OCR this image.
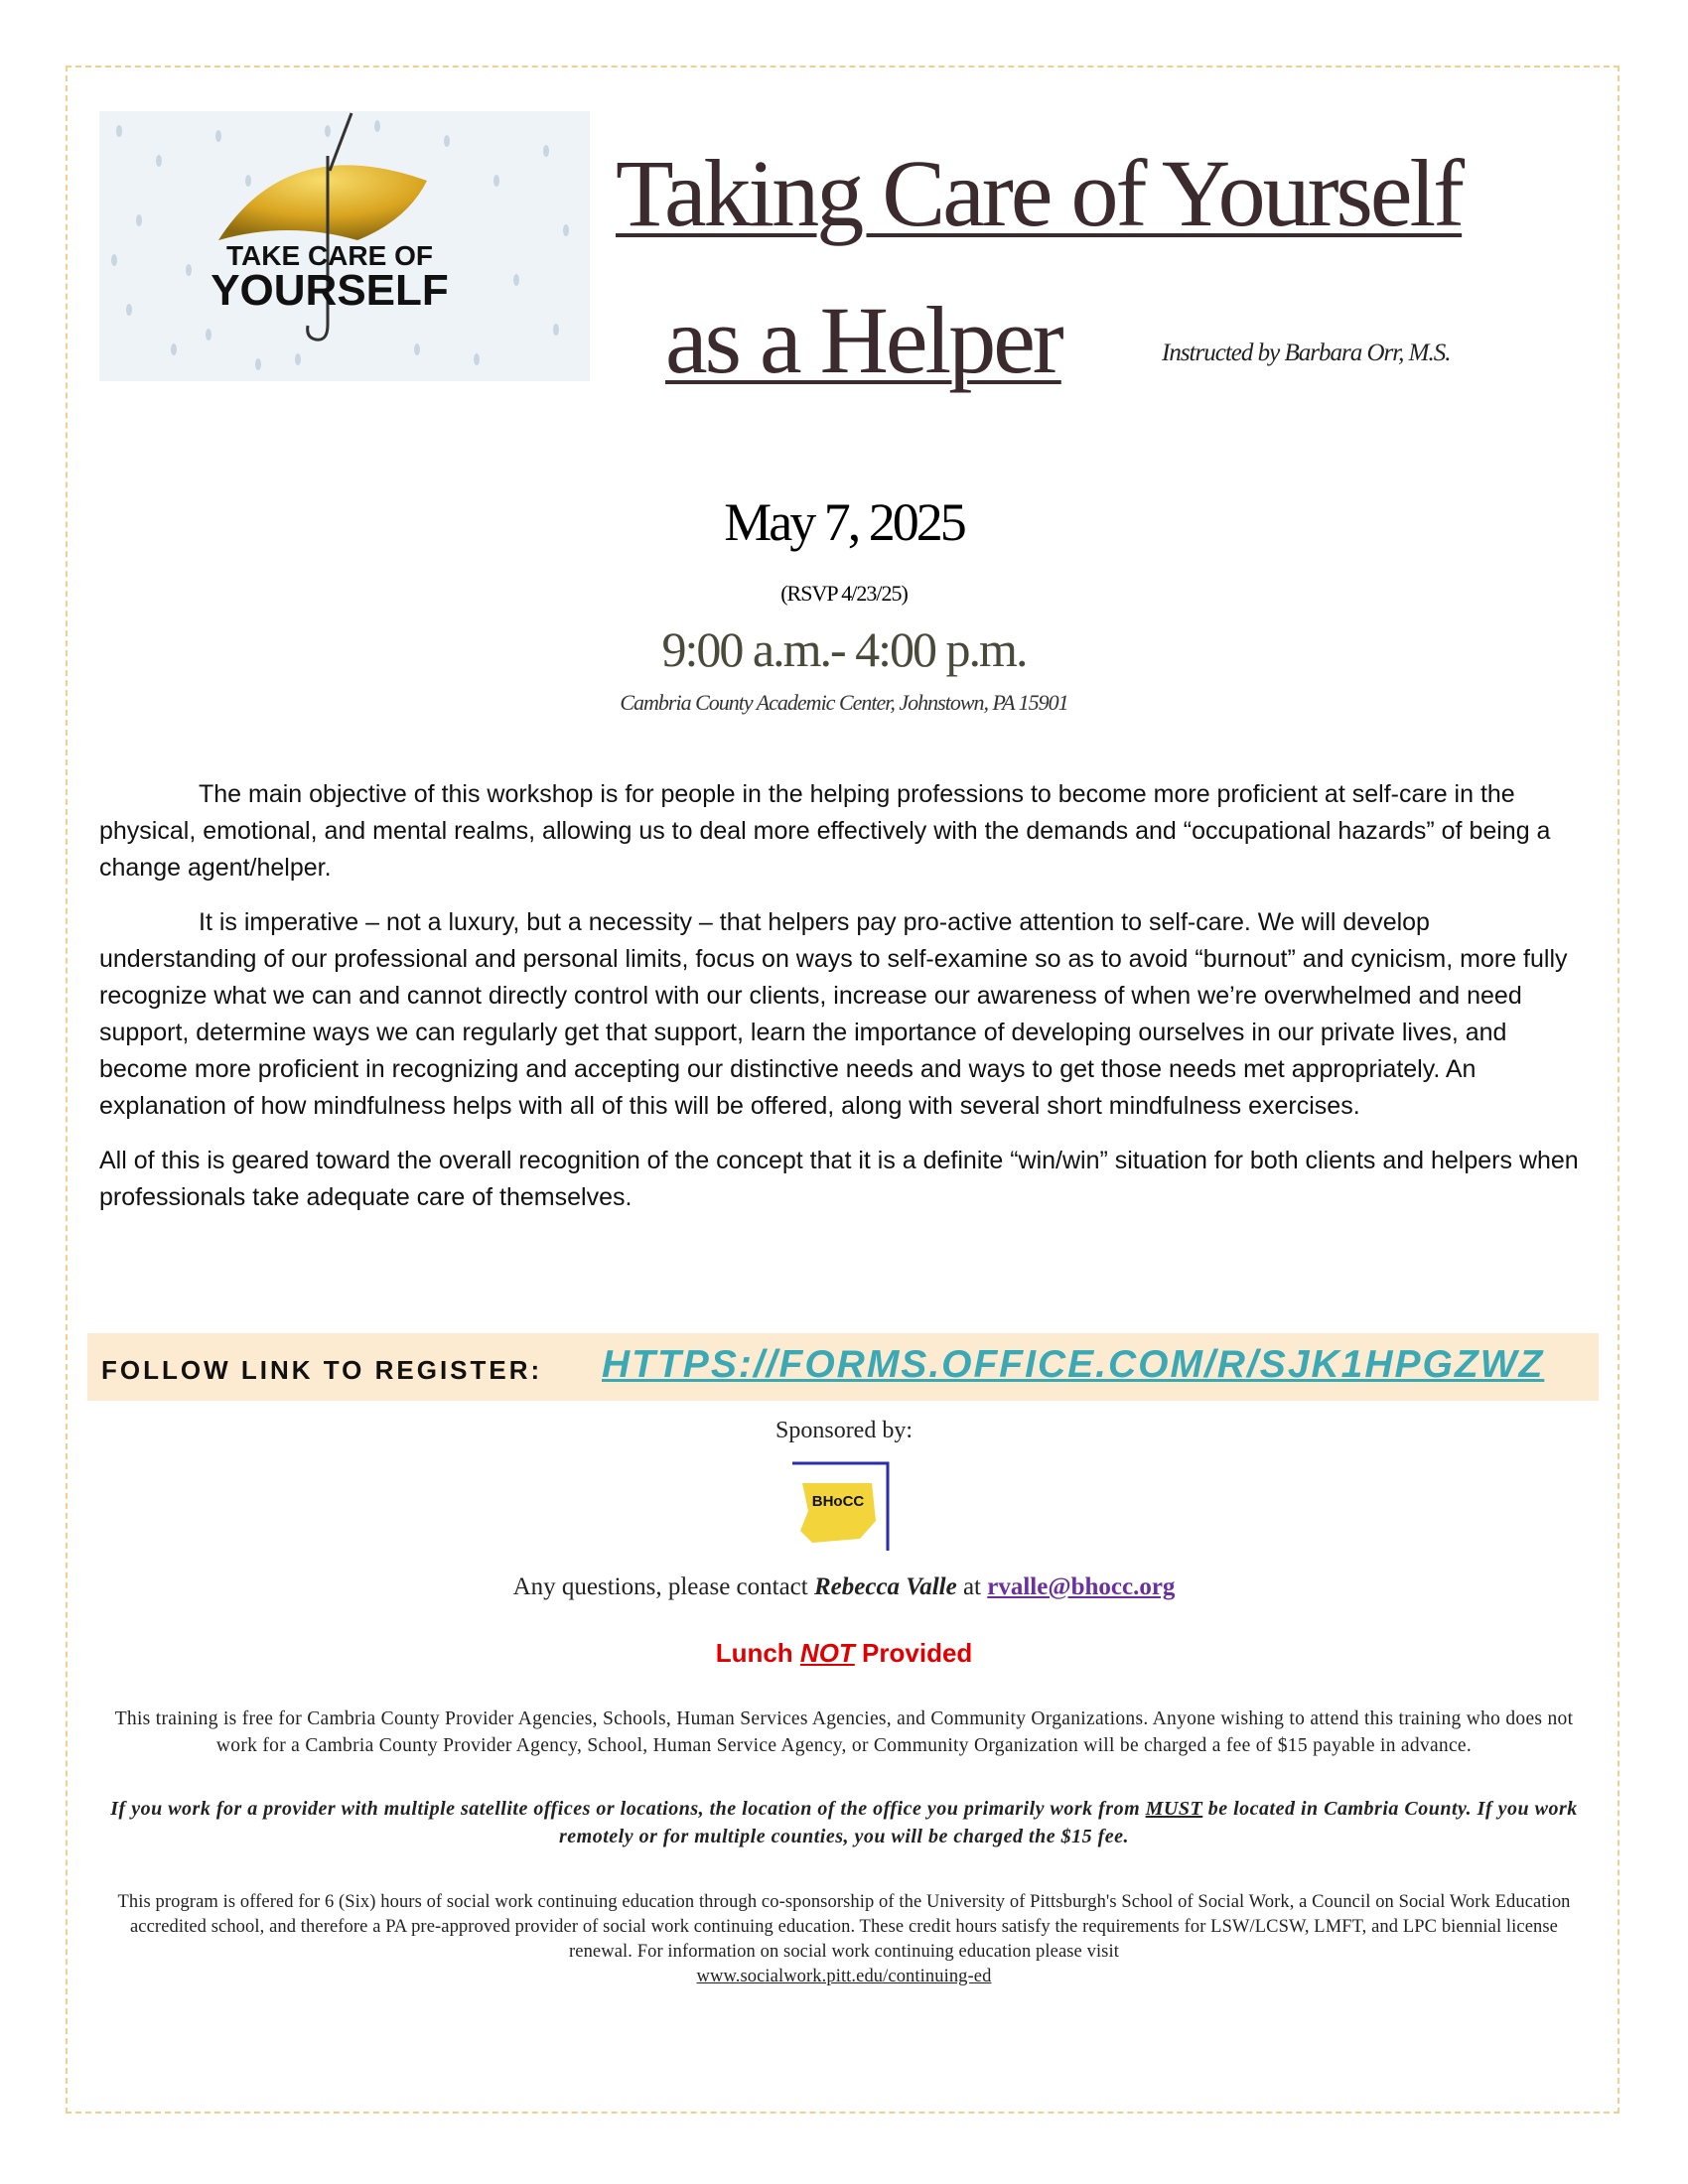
TAKE CARE OF
YOURSELF
Taking Care of Yourself
as a Helper	Instructed by Barbara Orr, M.S.
May 7, 2025
(RSVP 4/23/25)
9:00 a.m.- 4:00 p.m.
Cambria County Academic Center, Johnstown, PA 15901

The main objective of this workshop is for people in the helping professions to become more proficient at self-care in the physical, emotional, and mental realms, allowing us to deal more effectively with the demands and “occupational hazards” of being a change agent/helper.

It is imperative – not a luxury, but a necessity – that helpers pay pro-active attention to self-care. We will develop understanding of our professional and personal limits, focus on ways to self-examine so as to avoid “burnout” and cynicism, more fully recognize what we can and cannot directly control with our clients, increase our awareness of when we’re overwhelmed and need support, determine ways we can regularly get that support, learn the importance of developing ourselves in our private lives, and become more proficient in recognizing and accepting our distinctive needs and ways to get those needs met appropriately. An explanation of how mindfulness helps with all of this will be offered, along with several short mindfulness exercises.

All of this is geared toward the overall recognition of the concept that it is a definite “win/win” situation for both clients and helpers when professionals take adequate care of themselves.

FOLLOW LINK TO REGISTER: HTTPS://FORMS.OFFICE.COM/R/SJK1HPGZWZ
Sponsored by:
BHoCC
Any questions, please contact Rebecca Valle at rvalle@bhocc.org
Lunch NOT Provided
This training is free for Cambria County Provider Agencies, Schools, Human Services Agencies, and Community Organizations. Anyone wishing to attend this training who does not work for a Cambria County Provider Agency, School, Human Service Agency, or Community Organization will be charged a fee of $15 payable in advance.
If you work for a provider with multiple satellite offices or locations, the location of the office you primarily work from MUST be located in Cambria County. If you work remotely or for multiple counties, you will be charged the $15 fee.
This program is offered for 6 (Six) hours of social work continuing education through co-sponsorship of the University of Pittsburgh's School of Social Work, a Council on Social Work Education accredited school, and therefore a PA pre-approved provider of social work continuing education. These credit hours satisfy the requirements for LSW/LCSW, LMFT, and LPC biennial license renewal. For information on social work continuing education please visit
www.socialwork.pitt.edu/continuing-ed
